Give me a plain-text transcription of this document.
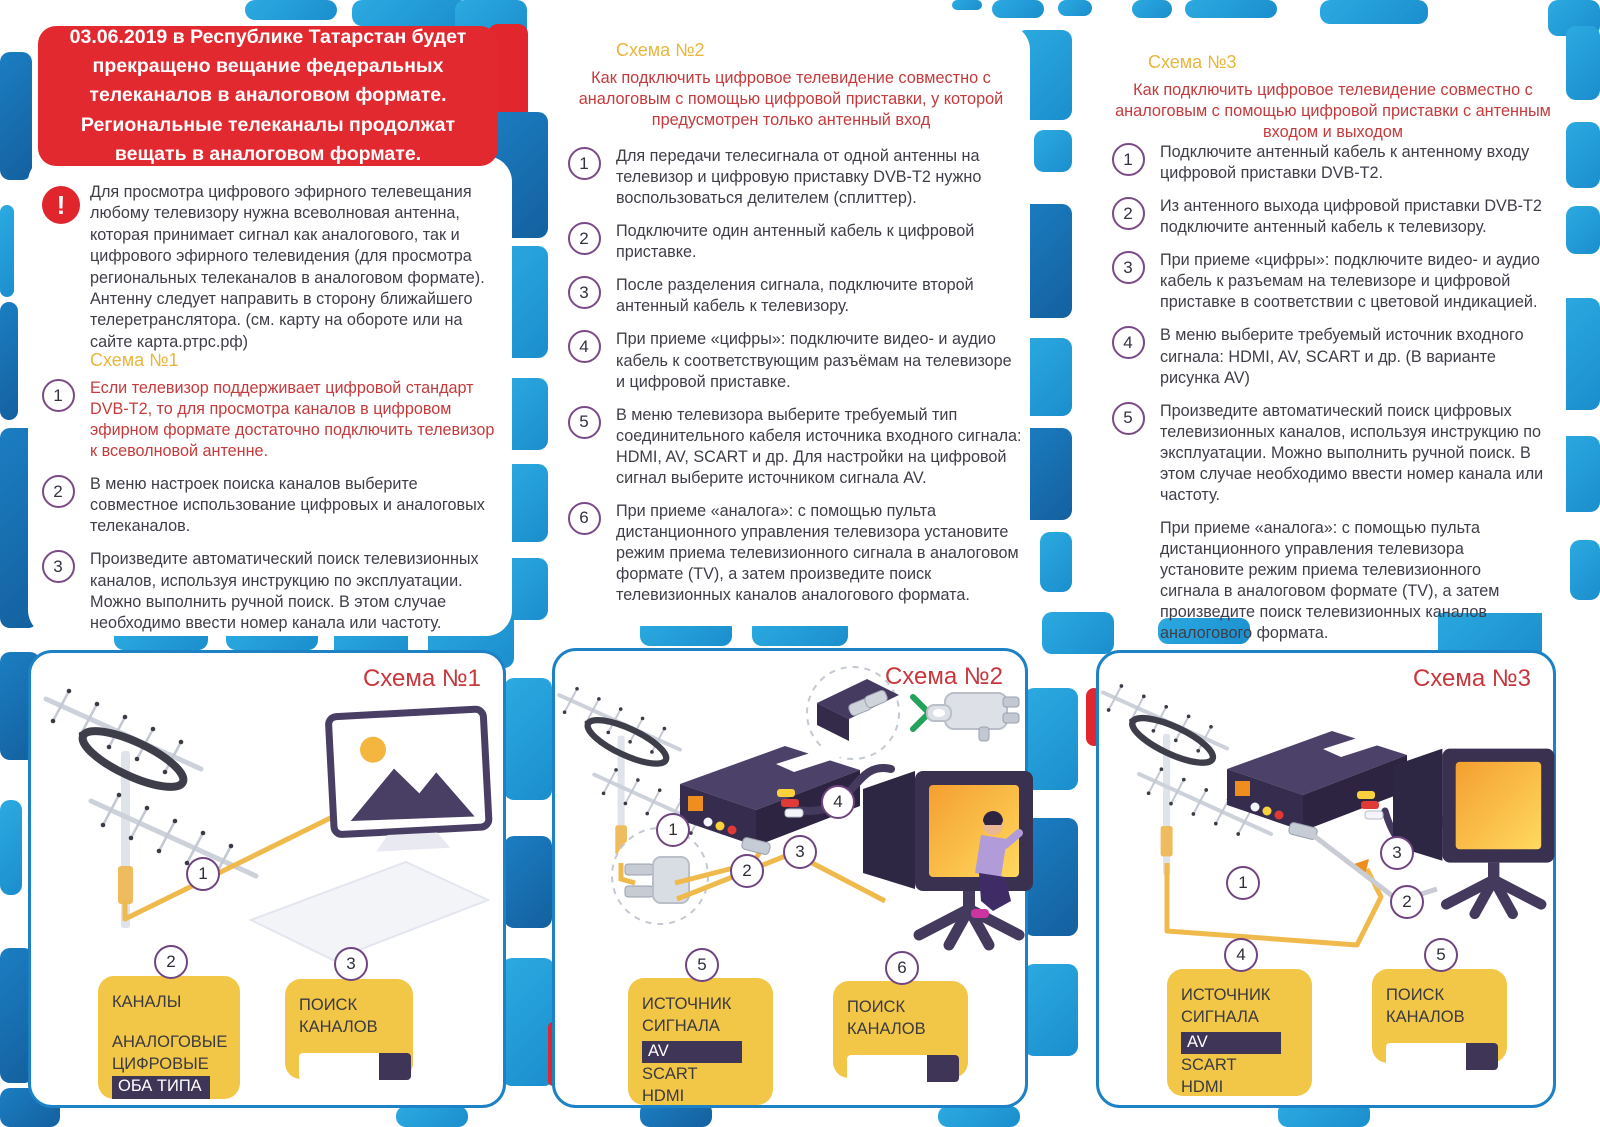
!	Для просмотра цифрового эфирного телевещания любому телевизору нужна всеволновая антенна, которая принимает сигнал как аналогового, так и цифрового эфирного телевидения (для просмотра региональных телеканалов в аналоговом формате). Антенну следует направить в сторону ближайшего телеретранслятора. (см. карту на обороте или на сайте карта.ртрс.рф)

Схема №1
1	Если телевизор поддерживает цифровой стандарт DVB-T2, то для просмотра каналов в цифровом эфирном формате достаточно подключить телевизор к всеволновой антенне.

2	В меню настроек поиска каналов выберите совместное использование цифровых и аналоговых телеканалов.

3	Произведите автоматический поиск телевизионных каналов, используя инструкцию по эксплуатации. Можно выполнить ручной поиск. В этом случае необходимо ввести номер канала или частоту.

03.06.2019 в Республике Татарстан будет прекращено вещание федеральных телеканалов в аналоговом формате. Региональные телеканалы продолжат вещать в аналоговом формате.

Схема №2

Как подключить цифровое телевидение совместно с аналоговым с помощью цифровой приставки, у которой предусмотрен только антенный вход

1	Для передачи телесигнала от одной антенны на телевизор и цифровую приставку DVB-T2 нужно воспользоваться делителем (сплиттер).

2	Подключите один антенный кабель к цифровой приставке.

3	После разделения сигнала, подключите второй антенный кабель к телевизору.

4	При приеме «цифры»: подключите видео- и аудио кабель к соответствующим разъёмам на телевизоре и цифровой приставке.

5	В меню телевизора выберите требуемый тип соединительного кабеля источника входного сигнала: HDMI, AV, SCART и др. Для настройки на цифровой сигнал выберите источником сигнала AV.

6	При приеме «аналога»: с помощью пульта дистанционного управления телевизора установите режим приема телевизионного сигнала в аналоговом формате (TV), а затем произведите поиск телевизионных каналов аналогового формата.

Схема №3

Как подключить цифровое телевидение совместно с аналоговым с помощью цифровой приставки с антенным входом и выходом

1	Подключите антенный кабель к антенному входу цифровой приставки DVB-T2.

2	Из антенного выхода цифровой приставки DVB-T2 подключите антенный кабель к телевизору.

3	При приеме «цифры»: подключите видео- и аудио кабель к разъемам на телевизоре и цифровой приставке в соответствии с цветовой индикацией.

4	В меню выберите требуемый источник входного сигнала: HDMI, AV, SCART и др. (В варианте рисунка AV)

5	Произведите автоматический поиск цифровых телевизионных каналов, используя инструкцию по эксплуатации. Можно выполнить ручной поиск. В этом случае необходимо ввести номер канала или частоту.

При приеме «аналога»: с помощью пульта дистанционного управления телевизора установите режим приема телевизионного сигнала в аналоговом формате (TV), а затем произведите поиск телевизионных каналов аналогового формата.

Схема №1
1
2	3
КАНАЛЫ
АНАЛОГОВЫЕ
ЦИФРОВЫЕ
ОБА ТИПА
ПОИСК КАНАЛОВ
Схема №2
1
2
3
4
5	6
ИСТОЧНИК СИГНАЛА
AV
SCART
HDMI
ПОИСК КАНАЛОВ
Схема №3
1
2
3
4	5
ИСТОЧНИК СИГНАЛА
AV
SCART
HDMI
ПОИСК КАНАЛОВ
